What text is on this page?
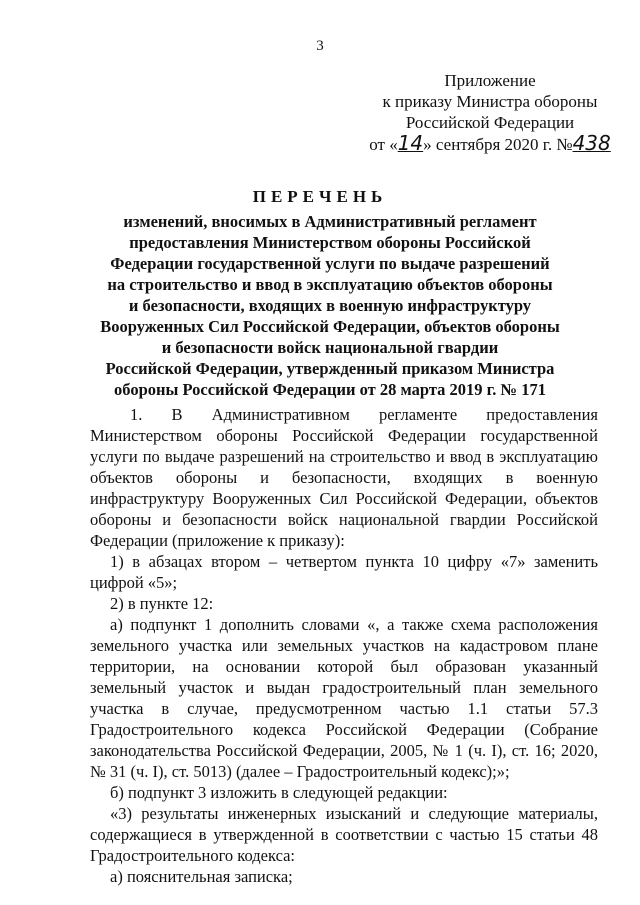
3
Приложение
к приказу Министра обороны
Российской Федерации
от «14» сентября 2020 г. №438
ПЕРЕЧЕНЬ
изменений, вносимых в Административный регламент
предоставления Министерством обороны Российской
Федерации государственной услуги по выдаче разрешений
на строительство и ввод в эксплуатацию объектов обороны
и безопасности, входящих в военную инфраструктуру
Вооруженных Сил Российской Федерации, объектов обороны
и безопасности войск национальной гвардии
Российской Федерации, утвержденный приказом Министра
обороны Российской Федерации от 28 марта 2019 г. № 171

1. В Административном регламенте предоставления Министерством обороны Российской Федерации государственной услуги по выдаче разрешений на строительство и ввод в эксплуатацию объектов обороны и безопасности, входящих в военную инфраструктуру Вооруженных Сил Российской Федерации, объектов обороны и безопасности войск национальной гвардии Российской Федерации (приложение к приказу):

1) в абзацах втором – четвертом пункта 10 цифру «7» заменить цифрой «5»;

2) в пункте 12:

а) подпункт 1 дополнить словами «, а также схема расположения земельного участка или земельных участков на кадастровом плане территории, на основании которой был образован указанный земельный участок и выдан градостроительный план земельного участка в случае, предусмотренном частью 1.1 статьи 57.3 Градостроительного кодекса Российской Федерации (Собрание законодательства Российской Федерации, 2005, № 1 (ч. I), ст. 16; 2020, № 31 (ч. I), ст. 5013) (далее – Градостроительный кодекс);»;

б) подпункт 3 изложить в следующей редакции:

«3) результаты инженерных изысканий и следующие материалы, содержащиеся в утвержденной в соответствии с частью 15 статьи 48 Градостроительного кодекса:

а) пояснительная записка;
